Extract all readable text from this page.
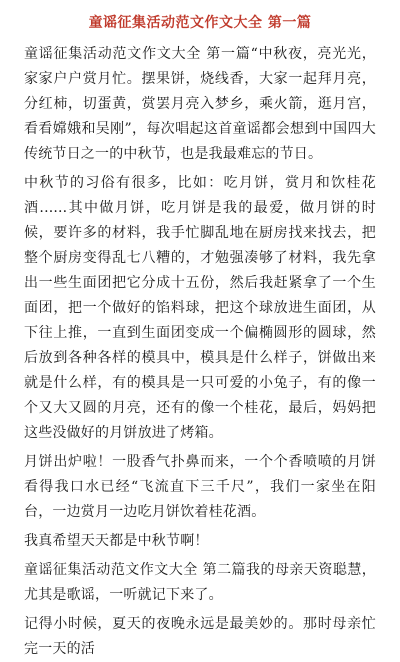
童谣征集活动范文作文大全 第一篇

童谣征集活动范文作文大全 第一篇“中秋夜，亮光光，家家户户赏月忙。摆果饼，烧线香，大家一起拜月亮，分红柿，切蛋黄，赏罢月亮入梦乡，乘火箭，逛月宫，看看嫦娥和吴刚”，每次唱起这首童谣都会想到中国四大传统节日之一的中秋节，也是我最难忘的节日。

中秋节的习俗有很多，比如：吃月饼，赏月和饮桂花酒......其中做月饼，吃月饼是我的最爱，做月饼的时候，要许多的材料，我手忙脚乱地在厨房找来找去，把整个厨房变得乱七八糟的，才勉强凑够了材料，我先拿出一些生面团把它分成十五份，然后我赶紧拿了一个生面团，把一个做好的馅料球，把这个球放进生面团，从下往上推，一直到生面团变成一个偏椭圆形的圆球，然后放到各种各样的模具中，模具是什么样子，饼做出来就是什么样，有的模具是一只可爱的小兔子，有的像一个又大又圆的月亮，还有的像一个桂花，最后，妈妈把这些没做好的月饼放进了烤箱。

月饼出炉啦！一股香气扑鼻而来，一个个香喷喷的月饼看得我口水已经“飞流直下三千尺”，我们一家坐在阳台，一边赏月一边吃月饼饮着桂花酒。

我真希望天天都是中秋节啊！

童谣征集活动范文作文大全 第二篇我的母亲天资聪慧，尤其是歌谣，一听就记下来了。

记得小时候，夏天的夜晚永远是最美妙的。那时母亲忙完一天的活
